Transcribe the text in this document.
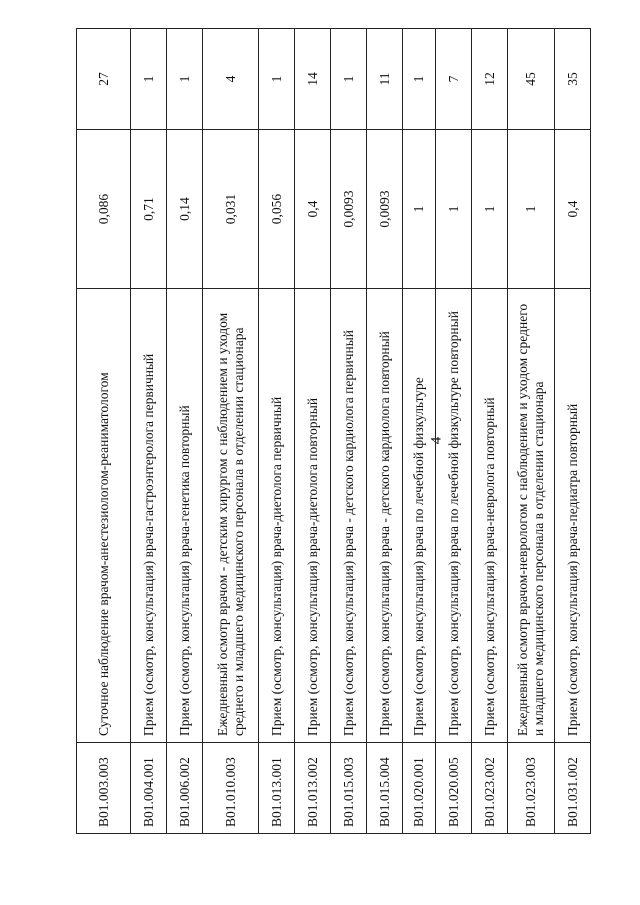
4
B01.003.003	Суточное наблюдение врачом-анестезиологом-реаниматологом	0,086	27
B01.004.001	Прием (осмотр, консультация) врача-гастроэнтеролога первичный	0,71	1
B01.006.002	Прием (осмотр, консультация) врача-генетика повторный	0,14	1
B01.010.003	Ежедневный осмотр врачом - детским хирургом с наблюдением и уходом среднего и младшего медицинского персонала в отделении стационара	0,031	4
B01.013.001	Прием (осмотр, консультация) врача-диетолога первичный	0,056	1
B01.013.002	Прием (осмотр, консультация) врача-диетолога повторный	0,4	14
B01.015.003	Прием (осмотр, консультация) врача - детского кардиолога первичный	0,0093	1
B01.015.004	Прием (осмотр, консультация) врача - детского кардиолога повторный	0,0093	11
B01.020.001	Прием (осмотр, консультация) врача по лечебной физкультуре	1	1
B01.020.005	Прием (осмотр, консультация) врача по лечебной физкультуре повторный	1	7
B01.023.002	Прием (осмотр, консультация) врача-невролога повторный	1	12
B01.023.003	Ежедневный осмотр врачом-неврологом с наблюдением и уходом среднего и младшего медицинского персонала в отделении стационара	1	45
B01.031.002	Прием (осмотр, консультация) врача-педиатра повторный	0,4	35
